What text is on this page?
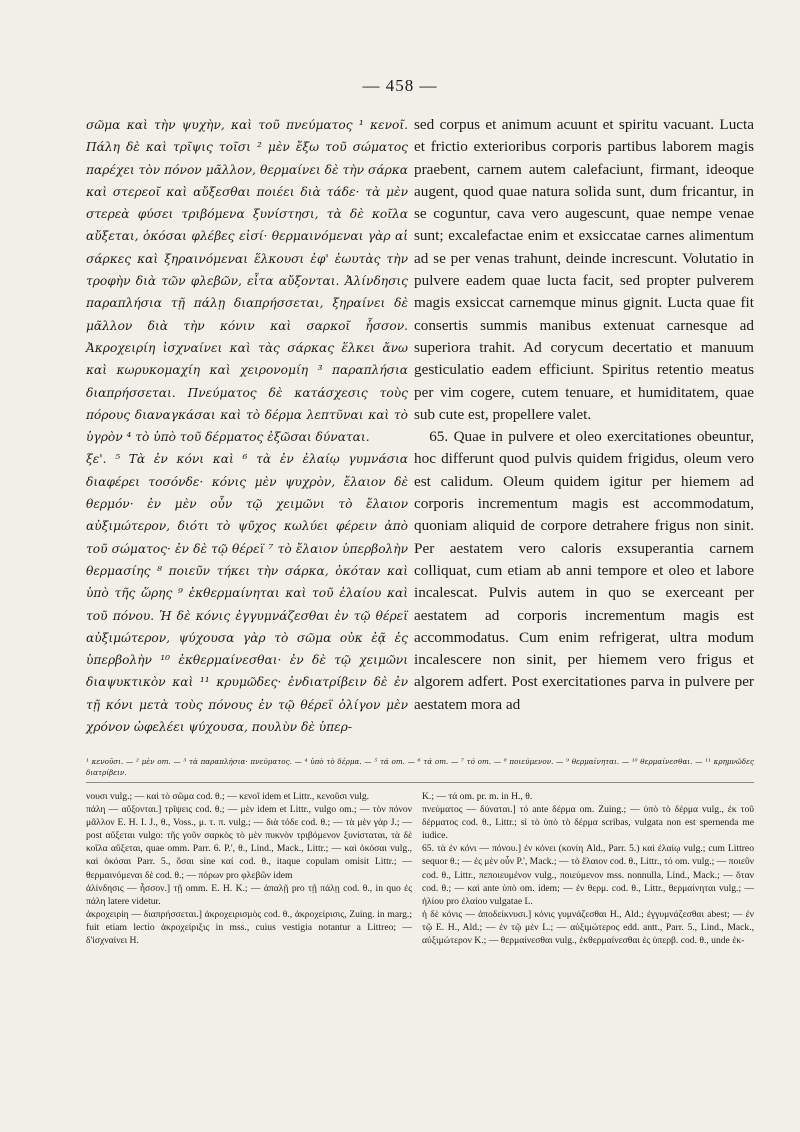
— 458 —

σῶμα καὶ τὴν ψυχὴν, καὶ τοῦ πνεύματος ¹ κενοῖ. Πάλη δὲ καὶ τρῖψις τοῖσι ² μὲν ἔξω τοῦ σώματος παρέχει τὸν πόνον μᾶλλον, θερμαίνει δὲ τὴν σάρκα καὶ στερεοῖ καὶ αὔξεσθαι ποιέει διὰ τάδε· τὰ μὲν στερεὰ φύσει τριβόμενα ξυνίστησι, τὰ δὲ κοῖλα αὔξεται, ὁκόσαι φλέβες εἰσί· θερμαινόμεναι γὰρ αἱ σάρκες καὶ ξηραινόμεναι ἕλκουσι ἐφ' ἑωυτὰς τὴν τροφὴν διὰ τῶν φλεβῶν, εἶτα αὔξονται. Ἀλίνδησις παραπλήσια τῇ πάλῃ διαπρήσσεται, ξηραίνει δὲ μᾶλλον διὰ τὴν κόνιν καὶ σαρκοῖ ἧσσον. Ἀκροχειρίη ἰσχναίνει καὶ τὰς σάρκας ἕλκει ἄνω καὶ κωρυκομαχίη καὶ χειρονομίη ³ παραπλήσια διαπρήσσεται. Πνεύματος δὲ κατάσχεσις τοὺς πόρους διαναγκάσαι καὶ τὸ δέρμα λεπτῦναι καὶ τὸ ὑγρὸν ⁴ τὸ ὑπὸ τοῦ δέρματος ἐξῶσαι δύναται.

ξε'. ⁵ Τὰ ἐν κόνι καὶ ⁶ τὰ ἐν ἐλαίῳ γυμνάσια διαφέρει τοσόνδε· κόνις μὲν ψυχρὸν, ἔλαιον δὲ θερμόν· ἐν μὲν οὖν τῷ χειμῶνι τὸ ἔλαιον αὐξιμώτερον, διότι τὸ ψῦχος κωλύει φέρειν ἀπὸ τοῦ σώματος· ἐν δὲ τῷ θέρεϊ ⁷ τὸ ἔλαιον ὑπερβολὴν θερμασίης ⁸ ποιεῦν τήκει τὴν σάρκα, ὁκόταν καὶ ὑπὸ τῆς ὥρης ⁹ ἐκθερμαίνηται καὶ τοῦ ἐλαίου καὶ τοῦ πόνου. Ἡ δὲ κόνις ἐγγυμνάζεσθαι ἐν τῷ θέρεϊ αὐξιμώτερον, ψύχουσα γὰρ τὸ σῶμα οὐκ ἐᾷ ἐς ὑπερβολὴν ¹⁰ ἐκθερμαίνεσθαι· ἐν δὲ τῷ χειμῶνι διαψυκτικὸν καὶ ¹¹ κρυμῶδες· ἐνδιατρίβειν δὲ ἐν τῇ κόνι μετὰ τοὺς πόνους ἐν τῷ θέρεϊ ὀλίγον μὲν χρόνον ὠφελέει ψύχουσα, πουλὺν δὲ ὑπερ-

sed corpus et animum acuunt et spiritu vacuant. Lucta et frictio exterioribus corporis partibus laborem magis praebent, carnem autem calefaciunt, firmant, ideoque augent, quod quae natura solida sunt, dum fricantur, in se coguntur, cava vero augescunt, quae nempe venae sunt; excalefactae enim et exsiccatae carnes alimentum ad se per venas trahunt, deinde increscunt. Volutatio in pulvere eadem quae lucta facit, sed propter pulverem magis exsiccat carnemque minus gignit. Lucta quae fit consertis summis manibus extenuat carnesque ad superiora trahit. Ad corycum decertatio et manuum gesticulatio eadem efficiunt. Spiritus retentio meatus per vim cogere, cutem tenuare, et humiditatem, quae sub cute est, propellere valet.

65. Quae in pulvere et oleo exercitationes obeuntur, hoc differunt quod pulvis quidem frigidus, oleum vero est calidum. Oleum quidem igitur per hiemem ad corporis incrementum magis est accommodatum, quoniam aliquid de corpore detrahere frigus non sinit. Per aestatem vero caloris exsuperantia carnem colliquat, cum etiam ab anni tempore et oleo et labore incalescat. Pulvis autem in quo se exerceant per aestatem ad corporis incrementum magis est accommodatus. Cum enim refrigerat, ultra modum incalescere non sinit, per hiemem vero frigus et algorem adfert. Post exercitationes parva in pulvere per aestatem mora ad

¹ κενοῦσι. — ² μὲν om. — ³ τὰ παραπλήσια· πνεύματος. — ⁴ ὑπὸ τὸ δέρμα. — ⁵ τά om. — ⁶ τά om. — ⁷ τό om. — ⁸ ποιεύμενον. — ⁹ θερμαίνηται. — ¹⁰ θερμαίνεσθαι. — ¹¹ κρημνῶδες διατρίβειν.

νουσι vulg.; — καὶ τὸ σῶμα cod. θ.; — κενοῖ idem et Littr., κενοῦσι vulg.

πάλη — αὔξονται.] τρῖψεις cod. θ.; — μὲν idem et Littr., vulgo om.; — τὸν πόνον μᾶλλον E. H. I. J., θ., Voss., μ. τ. π. vulg.; — διὰ τόδε cod. θ.; — τὰ μὲν γὰρ J.; — post αὔξεται vulgo: τῆς γοῦν σαρκὸς τὸ μὲν πυκνὸν τριβόμενον ξυνίσταται, τὰ δὲ κοῖλα αὔξεται, quae omm. Parr. 6. P.', θ., Lind., Mack., Littr.; — καὶ ὁκόσαι vulg., καὶ ὁκόσαι Parr. 5., ὅσαι sine καί cod. θ., itaque copulam omisit Littr.; — θερμαινόμεναι δὲ cod. θ.; — πόρων pro φλεβῶν idem

ἀλίνδησις — ἧσσον.] τῇ omm. E. H. K.; — ἁπαλῇ pro τῇ πάλῃ cod. θ., in quo ἐς πάλη latere videtur.

ἀκροχειρίη — διαπρήσσεται.] ἀκροχειρισμὸς cod. θ., ἀκροχείρισις, Zuing. in marg.; fuit etiam lectio ἀκροχείριξις in mss., cuius vestigia notantur a Littreo; — δ'ἰσχναίνει H.

K.; — τά om. pr. m. in H., θ.

πνεύματος — δύναται.] τό ante δέρμα om. Zuing.; — ὑπὸ τὸ δέρμα vulg., ἐκ τοῦ δέρματος cod. θ., Littr.; si τὸ ὑπὸ τὸ δέρμα scribas, vulgata non est spernenda me iudice.

65. τὰ ἐν κόνι — πόνου.] ἐν κόνει (κονίη Ald., Parr. 5.) καὶ ἐλαίῳ vulg.; cum Littreo sequor θ.; — ἐς μὲν οὖν P.', Mack.; — τὸ ἔλαιον cod. θ., Littr., τό om. vulg.; — ποιεῦν cod. θ., Littr., πεποιευμένον vulg., ποιεύμενον mss. nonnulla, Lind., Mack.; — ὅταν cod. θ.; — καὶ ante ὑπὸ om. idem; — ἐν θερμ. cod. θ., Littr., θερμαίνηται vulg.; — ἡλίου pro ἐλαίου vulgatae L.

ἡ δὲ κόνις — ἀποδείκνυσι.] κόνις γυμνάζεσθαι H., Ald.; ἐγγυμνάζεσθαι abest; — ἐν τῷ E. H., Ald.; — ἐν τῷ μὲν L.; — αὐξιμώτερος edd. antt., Parr. 5., Lind., Mack., αὐξιμώτερον K.; — θερμαίνεσθαι vulg., ἐκθερμαίνεσθαι ἐς ὑπερβ. cod. θ., unde ἐκ-
